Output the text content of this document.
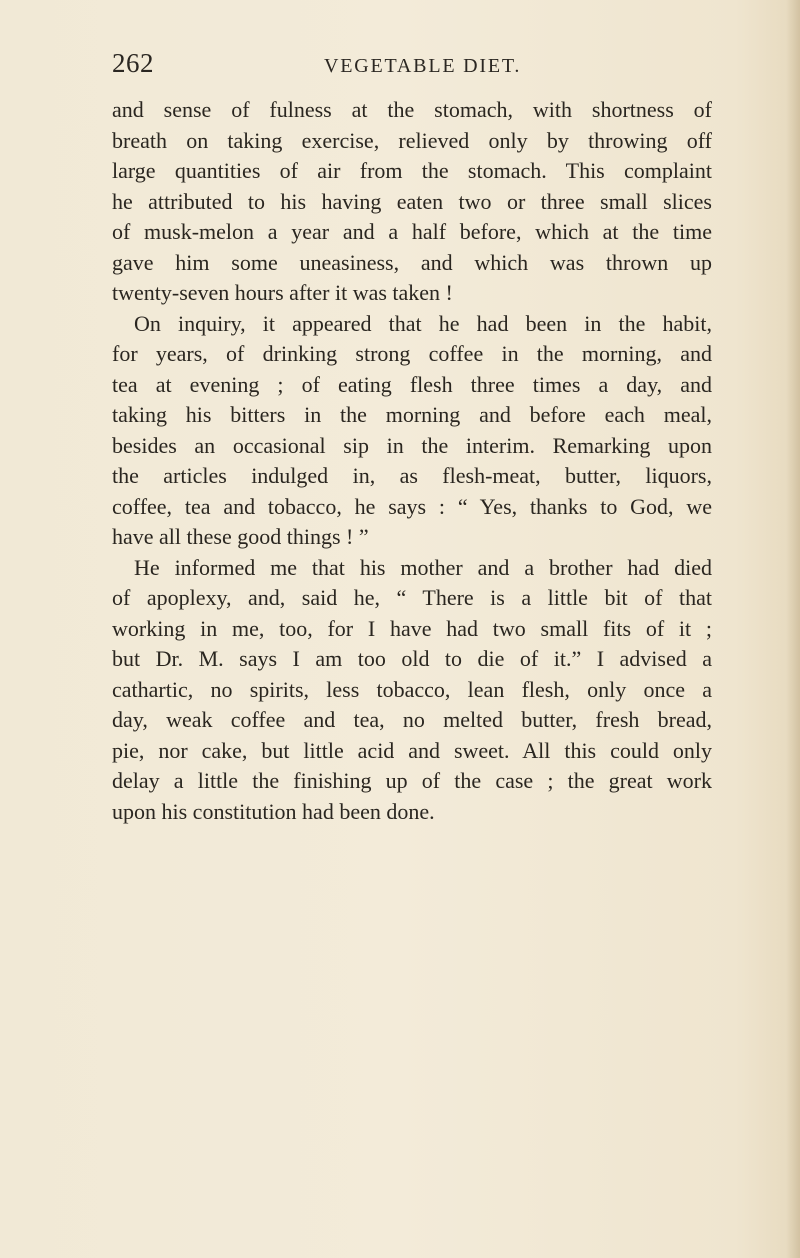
262	VEGETABLE DIET.
and sense of fulness at the stomach, with shortness of
breath on taking exercise, relieved only by throwing off
large quantities of air from the stomach. This complaint
he attributed to his having eaten two or three small slices
of musk-melon a year and a half before, which at the time
gave him some uneasiness, and which was thrown up
twenty-seven hours after it was taken !
On inquiry, it appeared that he had been in the habit,
for years, of drinking strong coffee in the morning, and
tea at evening ; of eating flesh three times a day, and
taking his bitters in the morning and before each meal,
besides an occasional sip in the interim. Remarking upon
the articles indulged in, as flesh-meat, butter, liquors,
coffee, tea and tobacco, he says : “ Yes, thanks to God, we
have all these good things ! ”
He informed me that his mother and a brother had died
of apoplexy, and, said he, “ There is a little bit of that
working in me, too, for I have had two small fits of it ;
but Dr. M. says I am too old to die of it.” I advised a
cathartic, no spirits, less tobacco, lean flesh, only once a
day, weak coffee and tea, no melted butter, fresh bread,
pie, nor cake, but little acid and sweet. All this could only
delay a little the finishing up of the case ; the great work
upon his constitution had been done.
